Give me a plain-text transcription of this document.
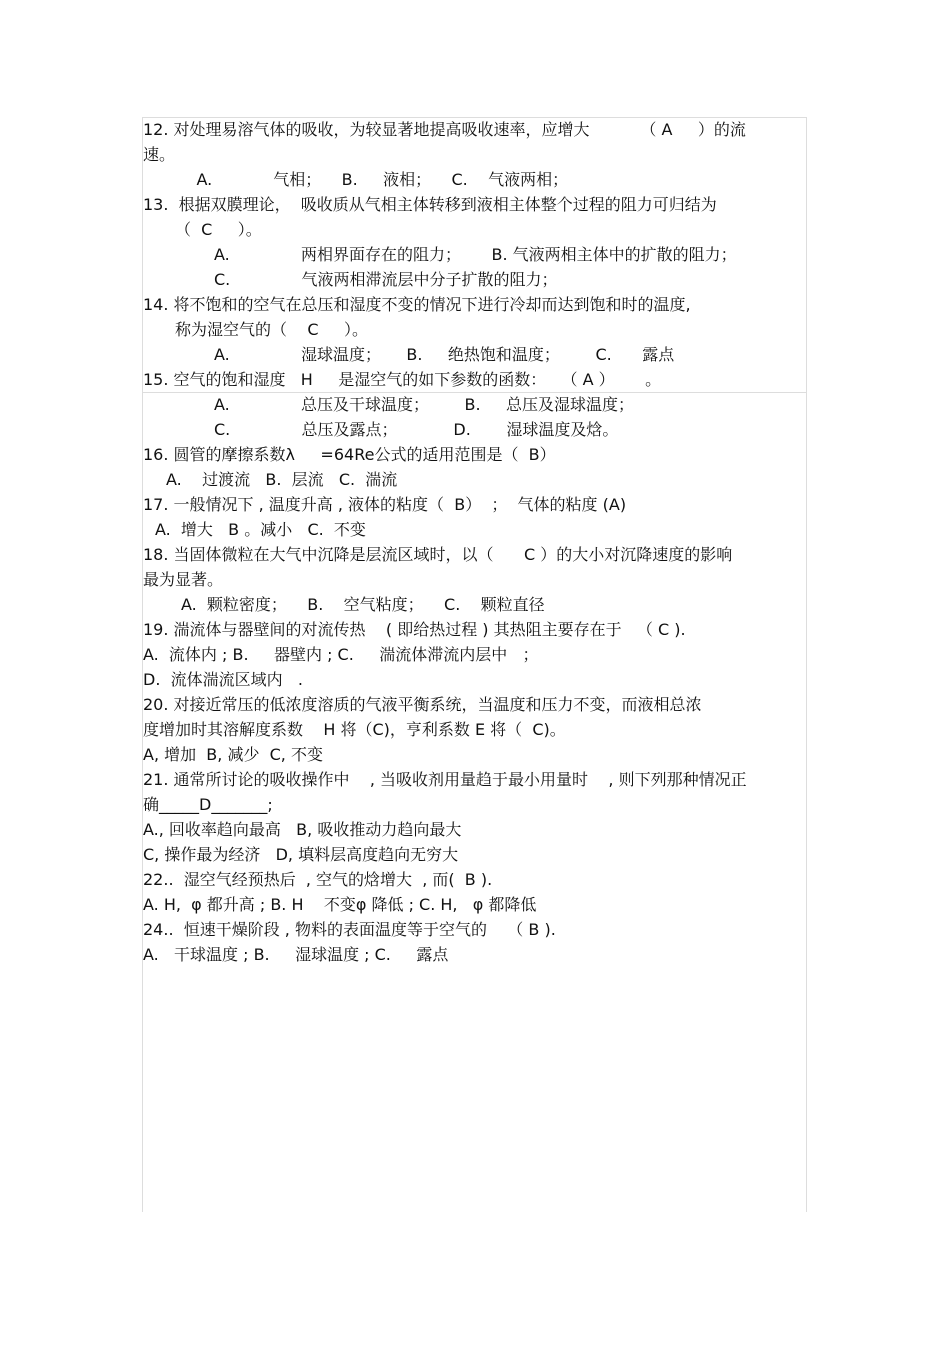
12. 对处理易溶气体的吸收，为较显著地提高吸收速率，应增大          （ A     ）的流

速。

A.            气相；    B.     液相；    C.    气液两相；

13.  根据双膜理论，  吸收质从气相主体转移到液相主体整个过程的阻力可归结为

（  C     ）。

A.              两相界面存在的阻力；      B. 气液两相主体中的扩散的阻力；

C.              气液两相滞流层中分子扩散的阻力；

14. 将不饱和的空气在总压和湿度不变的情况下进行冷却而达到饱和时的温度,

称为湿空气的（    C     ）。

A.              湿球温度；     B.     绝热饱和温度；       C.      露点

15. 空气的饱和湿度   H     是湿空气的如下参数的函数：   （ A ）      。

A.              总压及干球温度；       B.     总压及湿球温度；

C.              总压及露点；           D.       湿球温度及焓。

16. 圆管的摩擦系数λ     =64Re公式的适用范围是（  B）

A.    过渡流   B.  层流   C.  湍流

17. 一般情况下 , 温度升高 , 液体的粘度（  B）  ；  气体的粘度 (A)

A.  增大   B 。减小   C.  不变

18. 当固体微粒在大气中沉降是层流区域时，以（      C ）的大小对沉降速度的影响

最为显著。

A.  颗粒密度；    B.    空气粘度；    C.    颗粒直径

19. 湍流体与器壁间的对流传热    ( 即给热过程 ) 其热阻主要存在于   （ C ).

A.  流体内 ; B.     器壁内 ; C.     湍流体滞流内层中   ；

D.  流体湍流区域内   .

20. 对接近常压的低浓度溶质的气液平衡系统，当温度和压力不变，而液相总浓

度增加时其溶解度系数    H 将（C)，亨利系数 E 将（  C)。

A, 增加  B, 减少  C, 不变

21. 通常所讨论的吸收操作中    , 当吸收剂用量趋于最小用量时    , 则下列那种情况正

确_____D_______;

A., 回收率趋向最高   B, 吸收推动力趋向最大

C, 操作最为经济   D, 填料层高度趋向无穷大

22..  湿空气经预热后  , 空气的焓增大  , 而(  B ).

A. H,  φ 都升高 ; B. H    不变φ 降低 ; C. H,   φ 都降低

24..  恒速干燥阶段 , 物料的表面温度等于空气的    （ B ).

A.   干球温度 ; B.     湿球温度 ; C.     露点
